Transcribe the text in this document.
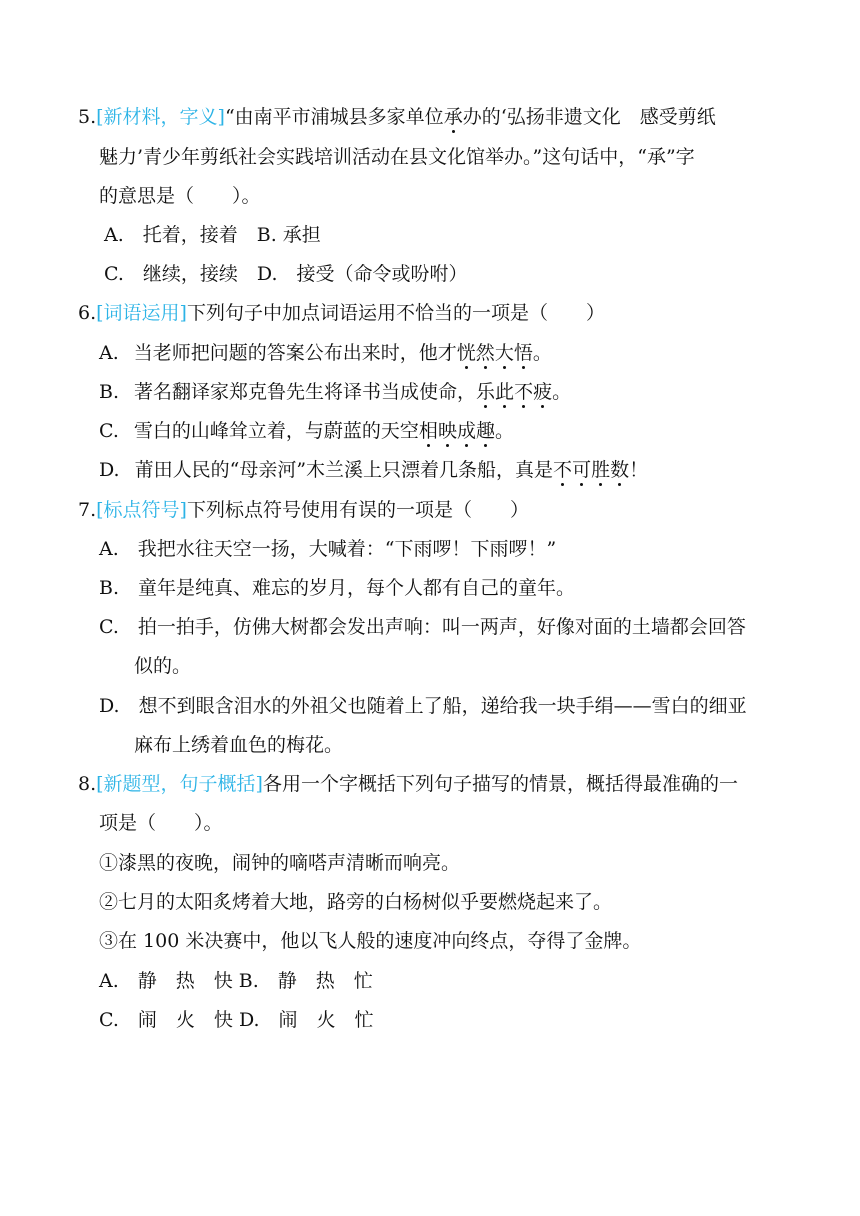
5.[新材料，字义]“由南平市浦城县多家单位承办的‘弘扬非遗文化　感受剪纸
魅力’青少年剪纸社会实践培训活动在县文化馆举办。”这句话中，“承”字
的意思是（　　）。
A.　托着，接着　B. 承担
C.　继续，接续　D.　接受（命令或吩咐）
6.[词语运用]下列句子中加点词语运用不恰当的一项是（　　）
A. 当老师把问题的答案公布出来时，他才恍然大悟。
B. 著名翻译家郑克鲁先生将译书当成使命，乐此不疲。
C. 雪白的山峰耸立着，与蔚蓝的天空相映成趣。
D. 莆田人民的“母亲河”木兰溪上只漂着几条船，真是不可胜数！
7.[标点符号]下列标点符号使用有误的一项是（　　）
A.　我把水往天空一扬，大喊着：“下雨啰！下雨啰！”
B.　童年是纯真、难忘的岁月，每个人都有自己的童年。
C.　拍一拍手，仿佛大树都会发出声响：叫一两声，好像对面的土墙都会回答
似的。
D.　想不到眼含泪水的外祖父也随着上了船，递给我一块手绢——雪白的细亚
麻布上绣着血色的梅花。
8.[新题型，句子概括]各用一个字概括下列句子描写的情景，概括得最准确的一
项是（　　）。
①漆黑的夜晚，闹钟的嘀嗒声清晰而响亮。
②七月的太阳炙烤着大地，路旁的白杨树似乎要燃烧起来了。
③在 100 米决赛中，他以飞人般的速度冲向终点，夺得了金牌。
A.　静　热　快 B.　静　热　忙
C.　闹　火　快 D.　闹　火　忙
